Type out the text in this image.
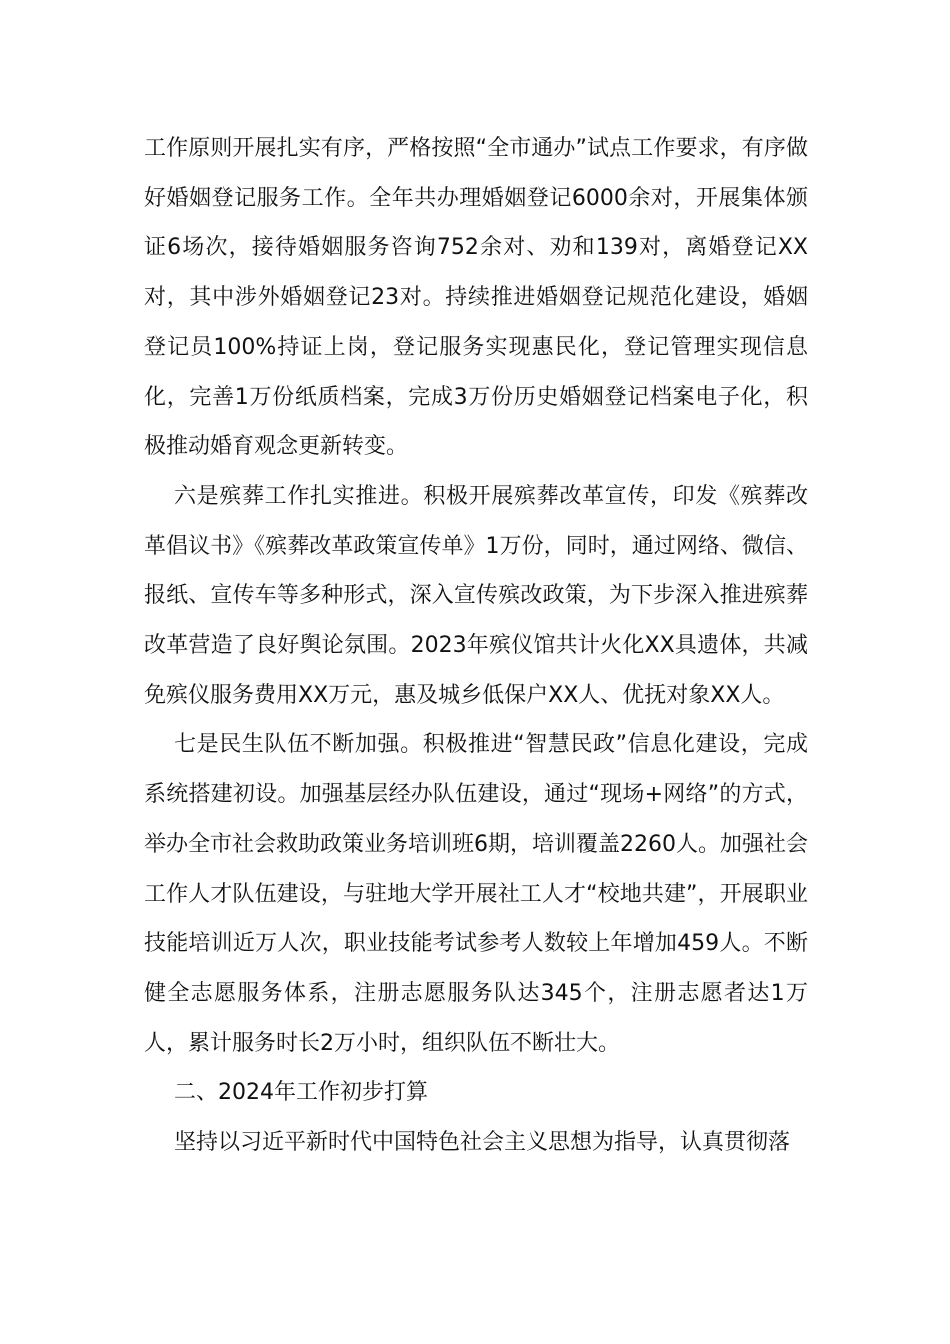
工作原则开展扎实有序，严格按照“全市通办”试点工作要求，有序做好婚姻登记服务工作。全年共办理婚姻登记6000余对，开展集体颁证6场次，接待婚姻服务咨询752余对、劝和139对，离婚登记XX对，其中涉外婚姻登记23对。持续推进婚姻登记规范化建设，婚姻登记员100%持证上岗，登记服务实现惠民化，登记管理实现信息化，完善1万份纸质档案，完成3万份历史婚姻登记档案电子化，积极推动婚育观念更新转变。

六是殡葬工作扎实推进。积极开展殡葬改革宣传，印发《殡葬改革倡议书》《殡葬改革政策宣传单》1万份，同时，通过网络、微信、报纸、宣传车等多种形式，深入宣传殡改政策，为下步深入推进殡葬改革营造了良好舆论氛围。2023年殡仪馆共计火化XX具遗体，共减免殡仪服务费用XX万元，惠及城乡低保户XX人、优抚对象XX人。

七是民生队伍不断加强。积极推进“智慧民政”信息化建设，完成系统搭建初设。加强基层经办队伍建设，通过“现场+网络”的方式，举办全市社会救助政策业务培训班6期，培训覆盖2260人。加强社会工作人才队伍建设，与驻地大学开展社工人才“校地共建”，开展职业技能培训近万人次，职业技能考试参考人数较上年增加459人。不断健全志愿服务体系，注册志愿服务队达345个，注册志愿者达1万人，累计服务时长2万小时，组织队伍不断壮大。

二、2024年工作初步打算

坚持以习近平新时代中国特色社会主义思想为指导，认真贯彻落
